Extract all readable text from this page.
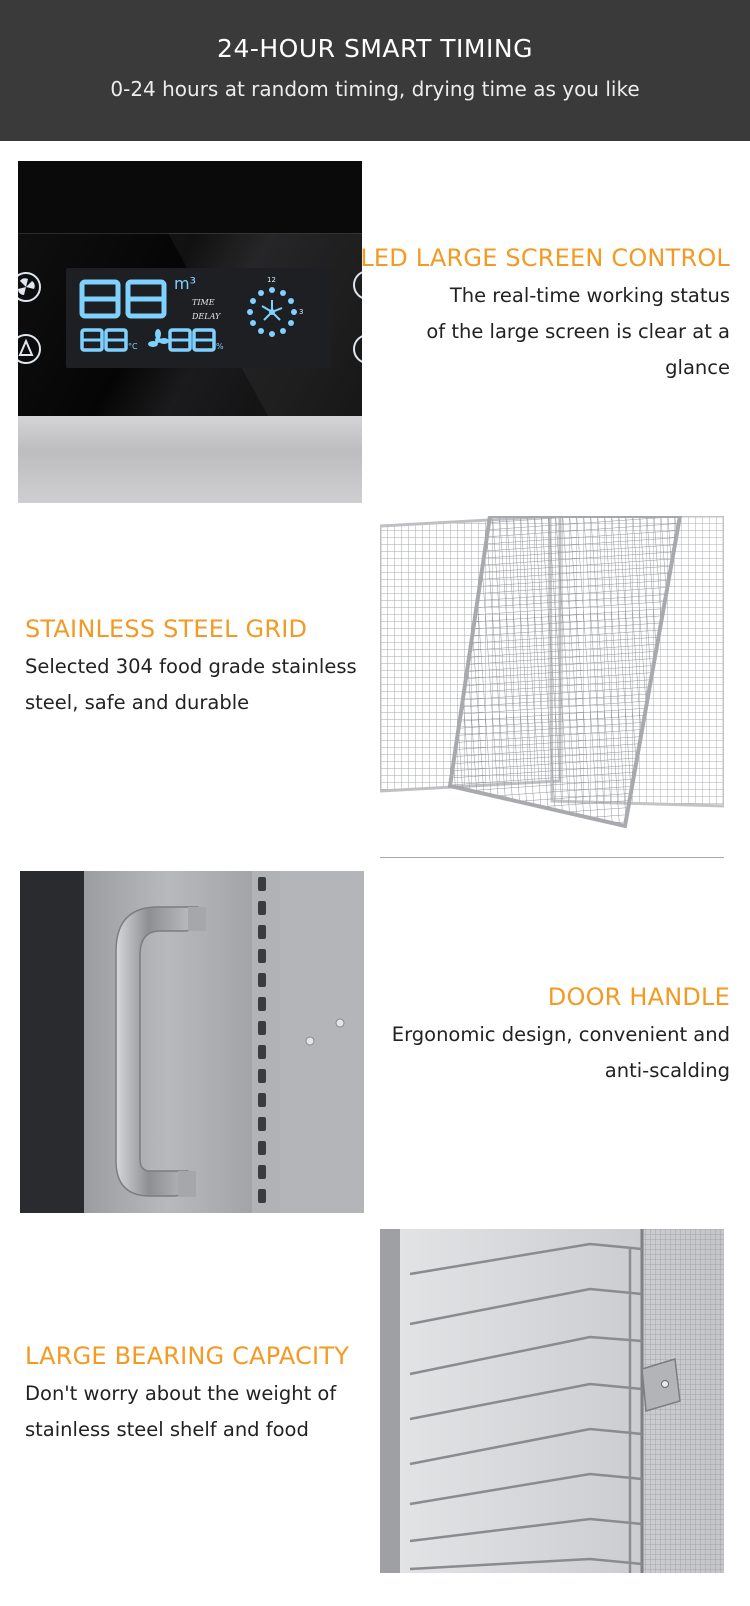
24-HOUR SMART TIMING
0-24 hours at random timing, drying time as you like
m³
TIME
DELAY
°C	%
12
3
LED LARGE SCREEN CONTROL
The real-time working status
of the large screen is clear at a
glance
STAINLESS STEEL GRID
Selected 304 food grade stainless
steel, safe and durable
DOOR HANDLE
Ergonomic design, convenient and
anti-scalding
LARGE BEARING CAPACITY
Don't worry about the weight of
stainless steel shelf and food
